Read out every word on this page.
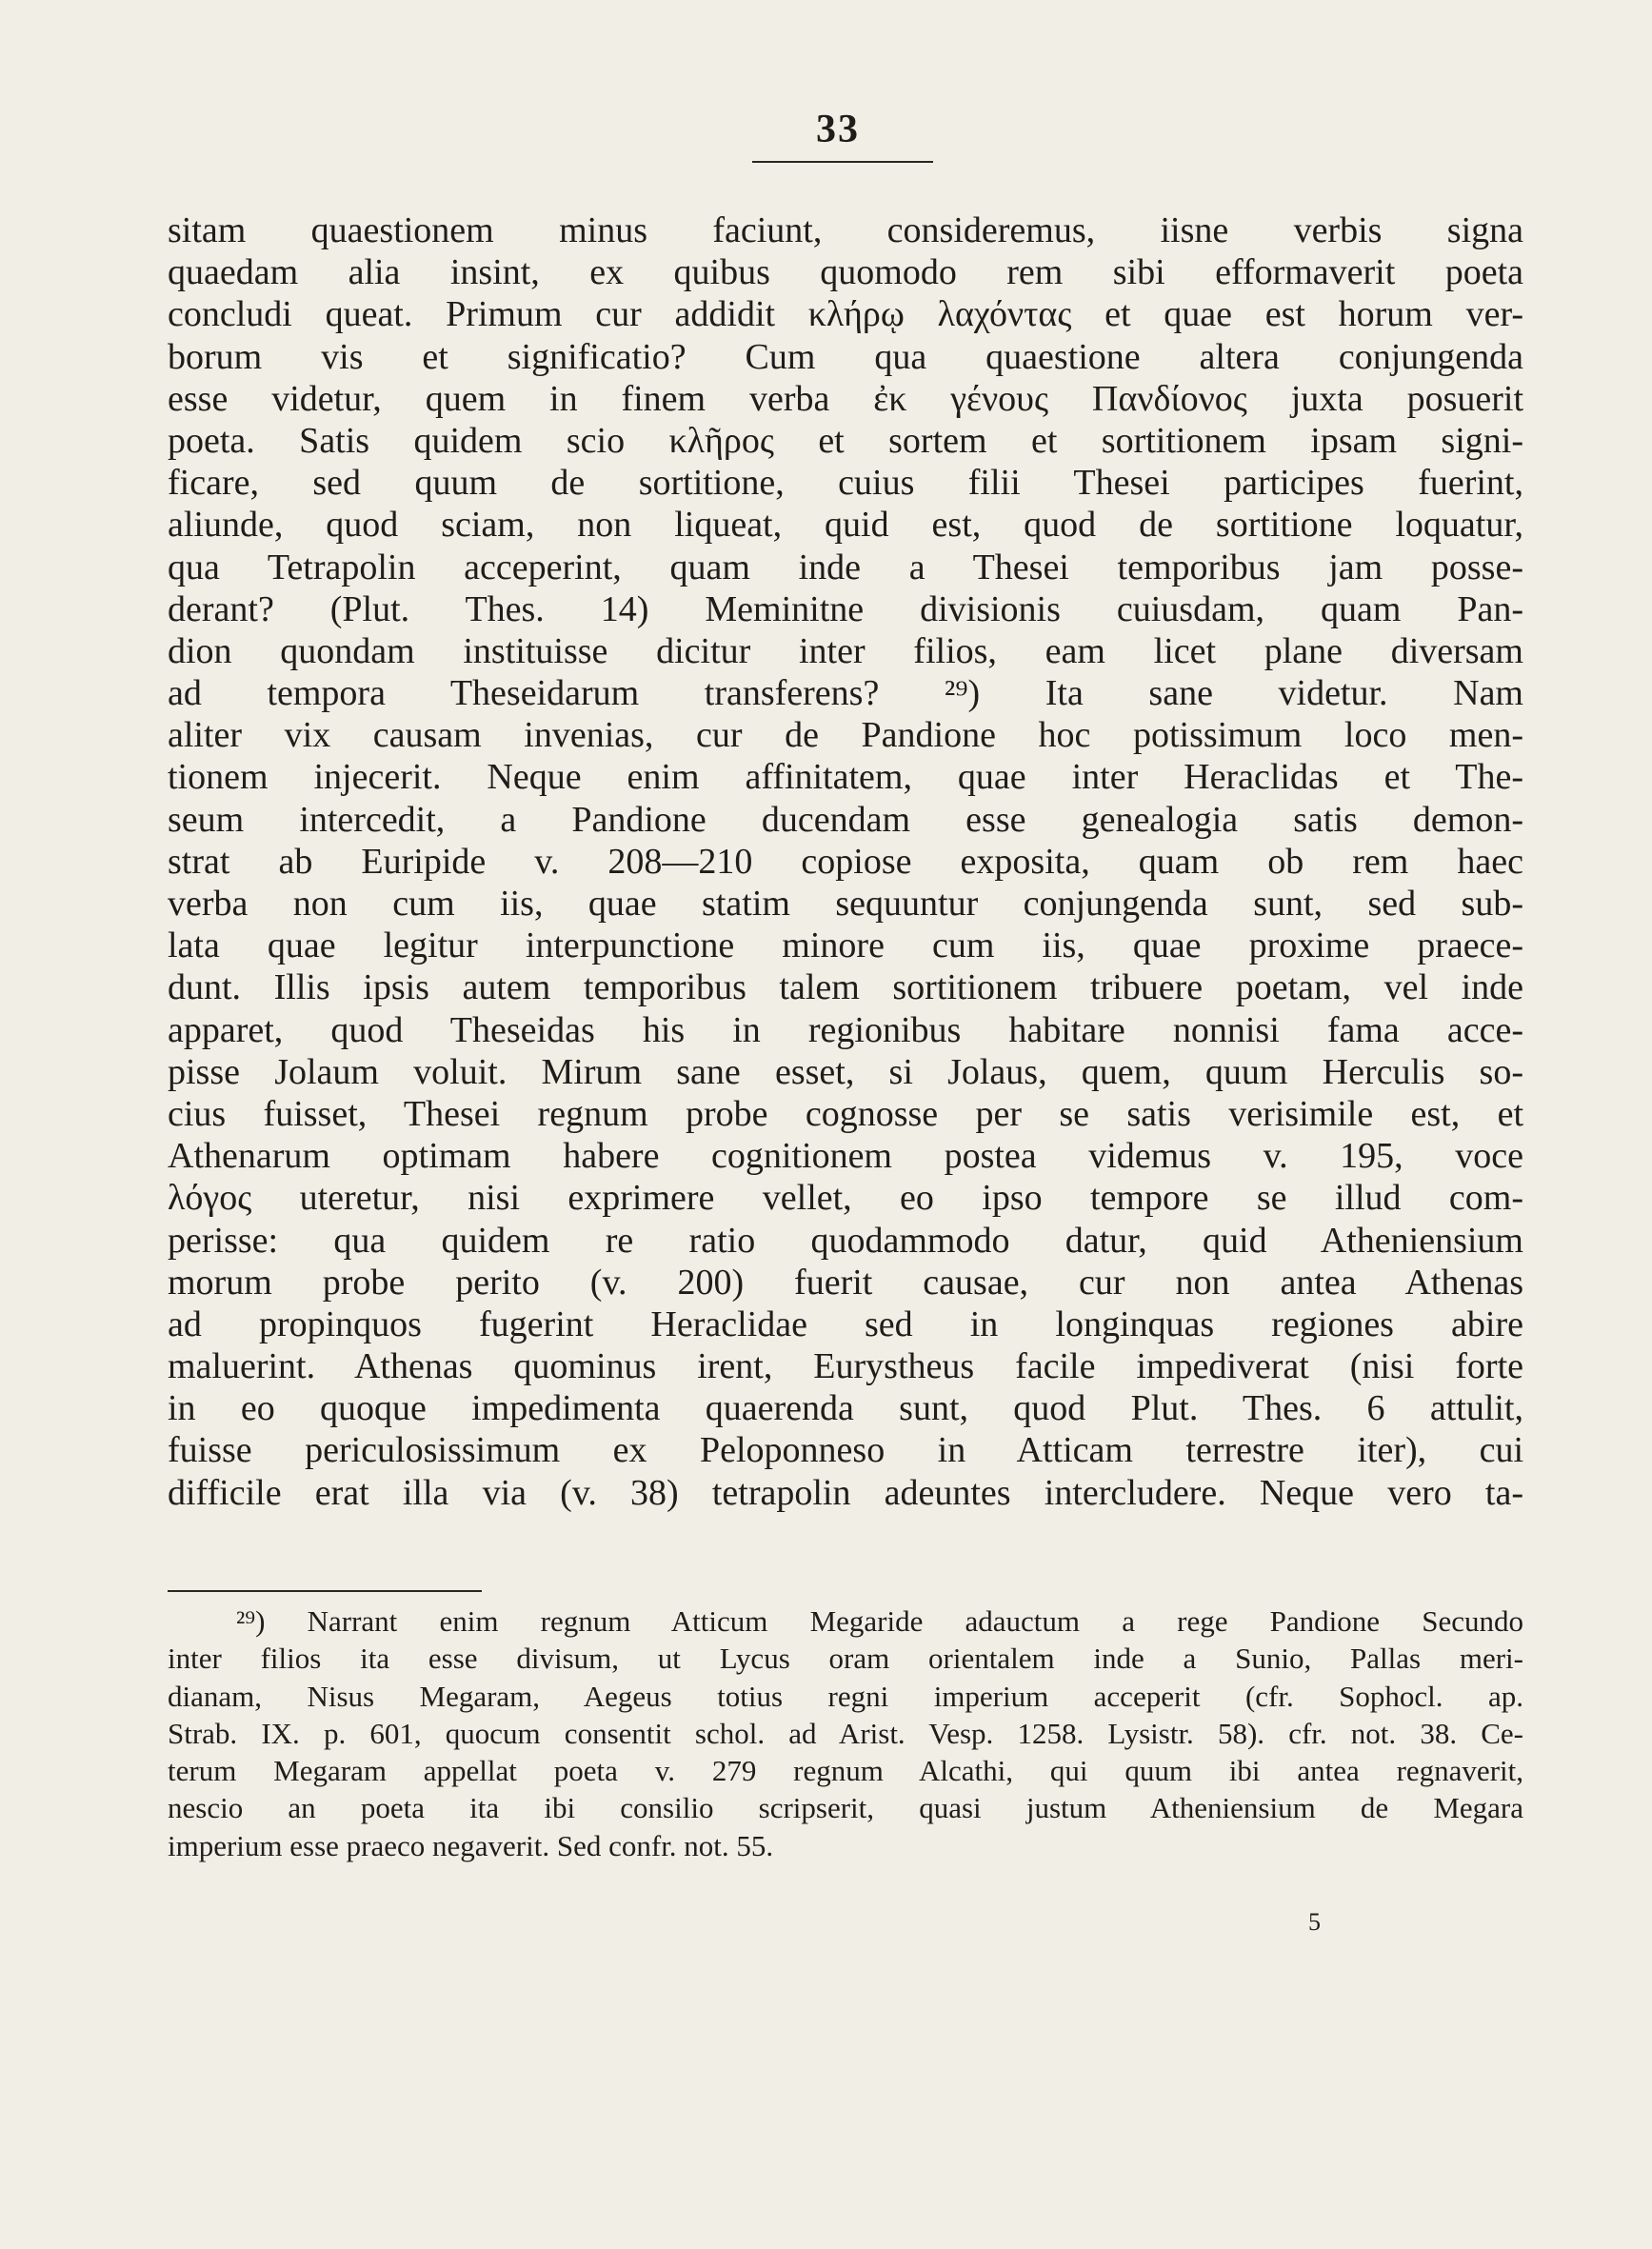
33
sitam quaestionem minus faciunt, consideremus, iisne verbis signa
quaedam alia insint, ex quibus quomodo rem sibi efformaverit poeta
concludi queat. Primum cur addidit κλήρῳ λαχόντας et quae est horum ver-
borum vis et significatio? Cum qua quaestione altera conjungenda
esse videtur, quem in finem verba ἐκ γένους Πανδίονος juxta posuerit
poeta. Satis quidem scio κλῆρος et sortem et sortitionem ipsam signi-
ficare, sed quum de sortitione, cuius filii Thesei participes fuerint,
aliunde, quod sciam, non liqueat, quid est, quod de sortitione loquatur,
qua Tetrapolin acceperint, quam inde a Thesei temporibus jam posse-
derant? (Plut. Thes. 14) Meminitne divisionis cuiusdam, quam Pan-
dion quondam instituisse dicitur inter filios, eam licet plane diversam
ad tempora Theseidarum transferens? ²⁹) Ita sane videtur. Nam
aliter vix causam invenias, cur de Pandione hoc potissimum loco men-
tionem injecerit. Neque enim affinitatem, quae inter Heraclidas et The-
seum intercedit, a Pandione ducendam esse genealogia satis demon-
strat ab Euripide v. 208—210 copiose exposita, quam ob rem haec
verba non cum iis, quae statim sequuntur conjungenda sunt, sed sub-
lata quae legitur interpunctione minore cum iis, quae proxime praece-
dunt. Illis ipsis autem temporibus talem sortitionem tribuere poetam, vel inde
apparet, quod Theseidas his in regionibus habitare nonnisi fama acce-
pisse Jolaum voluit. Mirum sane esset, si Jolaus, quem, quum Herculis so-
cius fuisset, Thesei regnum probe cognosse per se satis verisimile est, et
Athenarum optimam habere cognitionem postea videmus v. 195, voce
λόγος uteretur, nisi exprimere vellet, eo ipso tempore se illud com-
perisse: qua quidem re ratio quodammodo datur, quid Atheniensium
morum probe perito (v. 200) fuerit causae, cur non antea Athenas
ad propinquos fugerint Heraclidae sed in longinquas regiones abire
maluerint. Athenas quominus irent, Eurystheus facile impediverat (nisi forte
in eo quoque impedimenta quaerenda sunt, quod Plut. Thes. 6 attulit,
fuisse periculosissimum ex Peloponneso in Atticam terrestre iter), cui
difficile erat illa via (v. 38) tetrapolin adeuntes intercludere. Neque vero ta-
²⁹) Narrant enim regnum Atticum Megaride adauctum a rege Pandione Secundo
inter filios ita esse divisum, ut Lycus oram orientalem inde a Sunio, Pallas meri-
dianam, Nisus Megaram, Aegeus totius regni imperium acceperit (cfr. Sophocl. ap.
Strab. IX. p. 601, quocum consentit schol. ad Arist. Vesp. 1258. Lysistr. 58). cfr. not. 38. Ce-
terum Megaram appellat poeta v. 279 regnum Alcathi, qui quum ibi antea regnaverit,
nescio an poeta ita ibi consilio scripserit, quasi justum Atheniensium de Megara
imperium esse praeco negaverit. Sed confr. not. 55.
5
